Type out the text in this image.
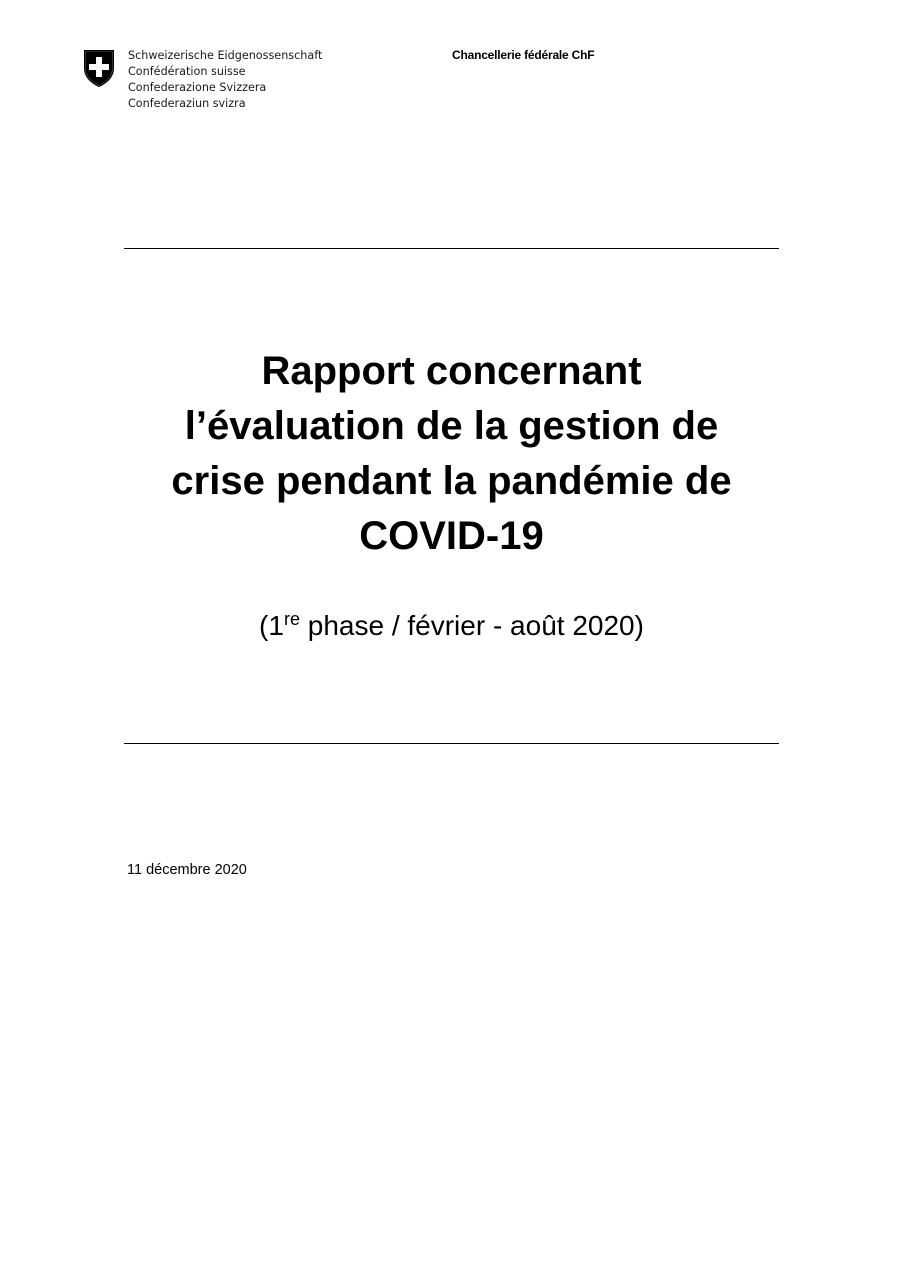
Schweizerische Eidgenossenschaft
Confédération suisse
Confederazione Svizzera
Confederaziun svizra
Chancellerie fédérale ChF
Rapport concernant
l’évaluation de la gestion de
crise pendant la pandémie de
COVID-19
(1re phase / février - août 2020)
11 décembre 2020
